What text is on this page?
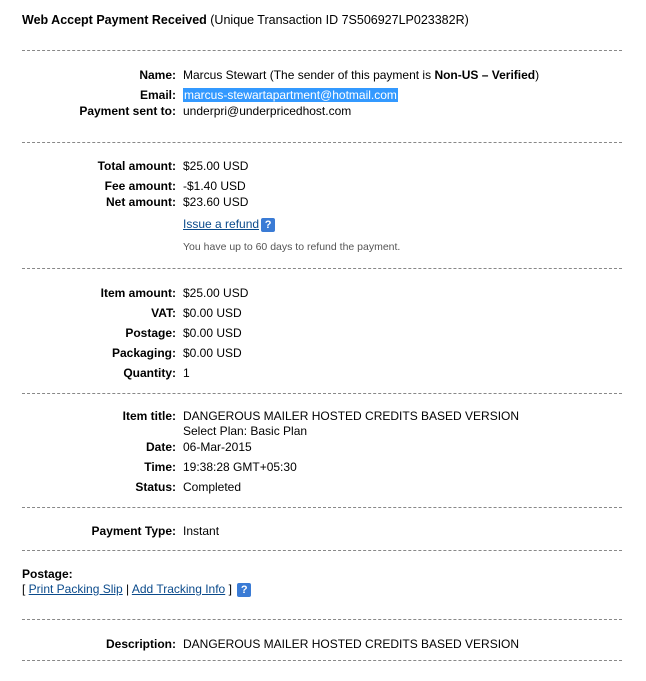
Web Accept Payment Received (Unique Transaction ID 7S506927LP023382R)
Name: Marcus Stewart (The sender of this payment is Non-US – Verified)
Email: marcus-stewartapartment@hotmail.com
Payment sent to: underpri@underpricedhost.com
Total amount: $25.00 USD
Fee amount: -$1.40 USD
Net amount: $23.60 USD
Issue a refund ?
You have up to 60 days to refund the payment.
Item amount: $25.00 USD
VAT: $0.00 USD
Postage: $0.00 USD
Packaging: $0.00 USD
Quantity: 1
Item title: DANGEROUS MAILER HOSTED CREDITS BASED VERSION
Select Plan: Basic Plan
Date: 06-Mar-2015
Time: 19:38:28 GMT+05:30
Status: Completed
Payment Type: Instant
Postage:
[ Print Packing Slip | Add Tracking Info ] ?
Description: DANGEROUS MAILER HOSTED CREDITS BASED VERSION
